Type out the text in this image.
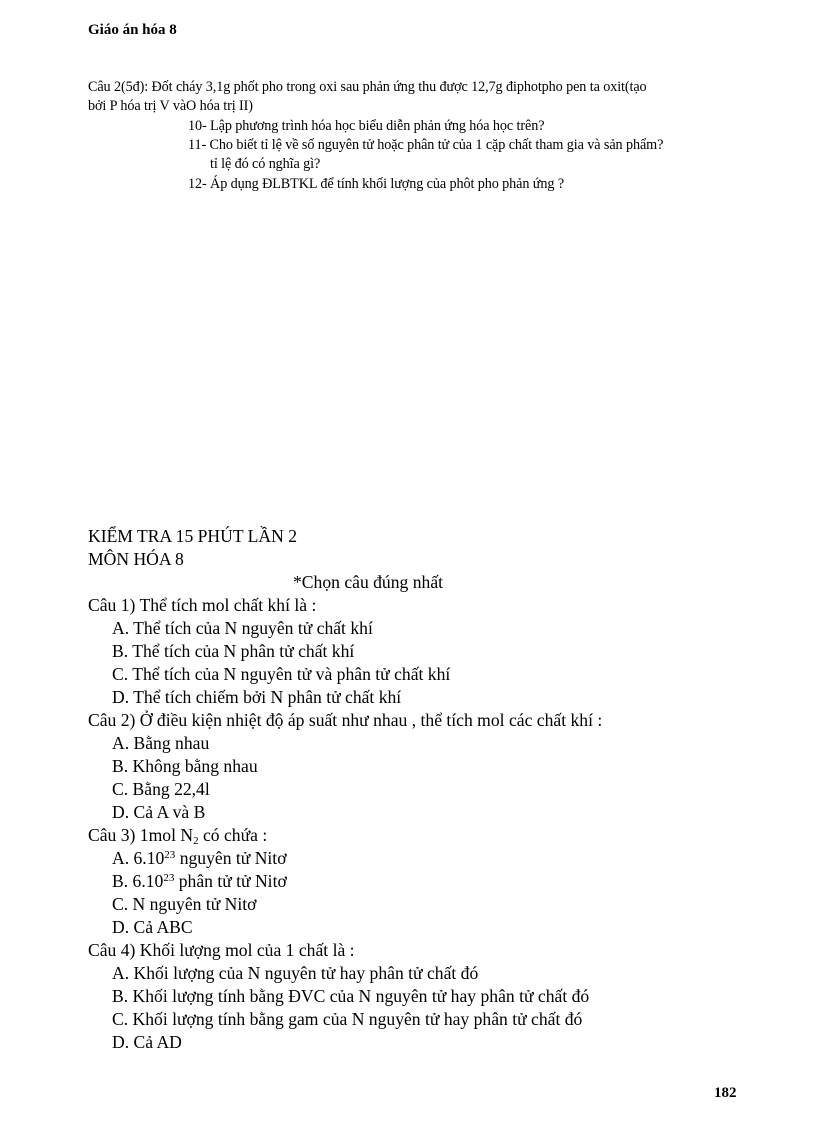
Giáo án hóa 8
Câu 2(5đ): Đốt cháy 3,1g phốt pho trong oxi sau phản ứng thu được 12,7g điphotpho pen ta oxit(tạo
bởi P hóa trị V vàO hóa trị II)
10- Lập phương trình hóa học biểu diễn phản ứng hóa học trên?
11- Cho biết tỉ lệ về số nguyên tử hoặc phân tử của 1 cặp chất tham gia và sản phẩm?
tỉ lệ đó có nghĩa gì?
12- Áp dụng ĐLBTKL để tính khối lượng của phôt pho phản ứng ?
KIỂM TRA 15 PHÚT LẦN 2
MÔN HÓA 8
*Chọn câu đúng nhất
Câu 1) Thể tích mol chất khí là :
A. Thể tích của N nguyên tử chất khí
B. Thể tích của N phân tử chất khí
C. Thể tích của N nguyên tử và phân tử chất khí
D. Thể tích chiếm bởi N phân tử chất khí
Câu 2) Ở điều kiện nhiệt độ áp suất như nhau , thể tích mol các chất khí :
A. Bằng nhau
B. Không bằng nhau
C. Bằng 22,4l
D. Cả A và B
Câu 3) 1mol $N_2$ có chứa :
A. 6.10$^{23}$ nguyên tử Nitơ
B. 6.10$^{23}$ phân tử tử Nitơ
C. N nguyên tử Nitơ
D. Cả ABC
Câu 4) Khối lượng mol của 1 chất là :
A. Khối lượng của N nguyên tử hay phân tử chất đó
B. Khối lượng tính bằng ĐVC của N nguyên tử hay phân tử chất đó
C. Khối lượng tính bằng gam của N nguyên tử hay phân tử chất đó
D. Cả AD
182
